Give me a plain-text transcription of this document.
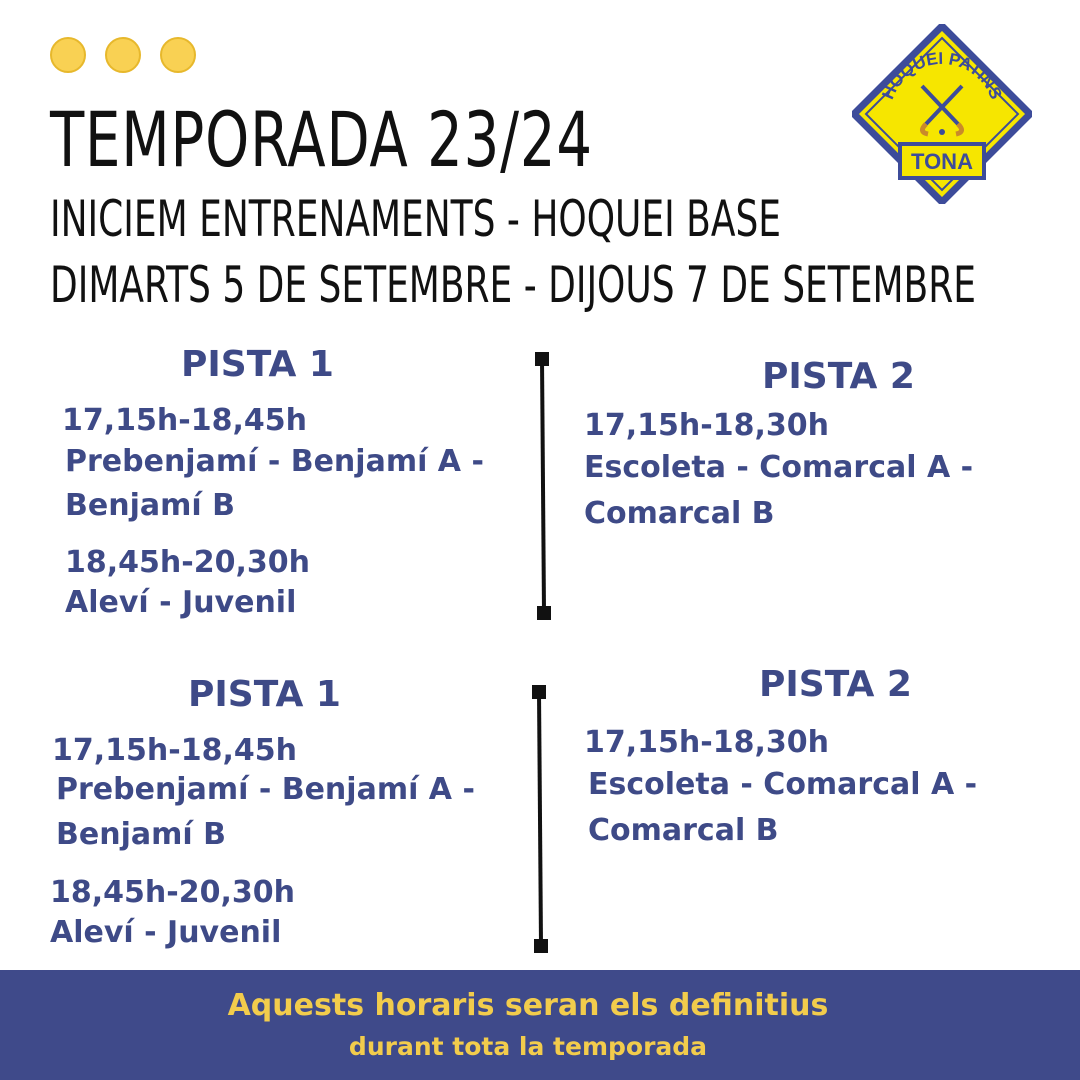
TEMPORADA 23/24
INICIEM ENTRENAMENTS - HOQUEI BASE
DIMARTS 5 DE SETEMBRE - DIJOUS 7 DE SETEMBRE
HOQUEI PATINS
TONA
PISTA 1
17,15h-18,45h
Prebenjamí - Benjamí A -
Benjamí B
18,45h-20,30h
Aleví - Juvenil
PISTA 2
17,15h-18,30h
Escoleta - Comarcal A -
Comarcal B
PISTA 1
17,15h-18,45h
Prebenjamí - Benjamí A -
Benjamí B
18,45h-20,30h
Aleví - Juvenil
PISTA 2
17,15h-18,30h
Escoleta - Comarcal A -
Comarcal B
Aquests horaris seran els definitius
durant tota la temporada
